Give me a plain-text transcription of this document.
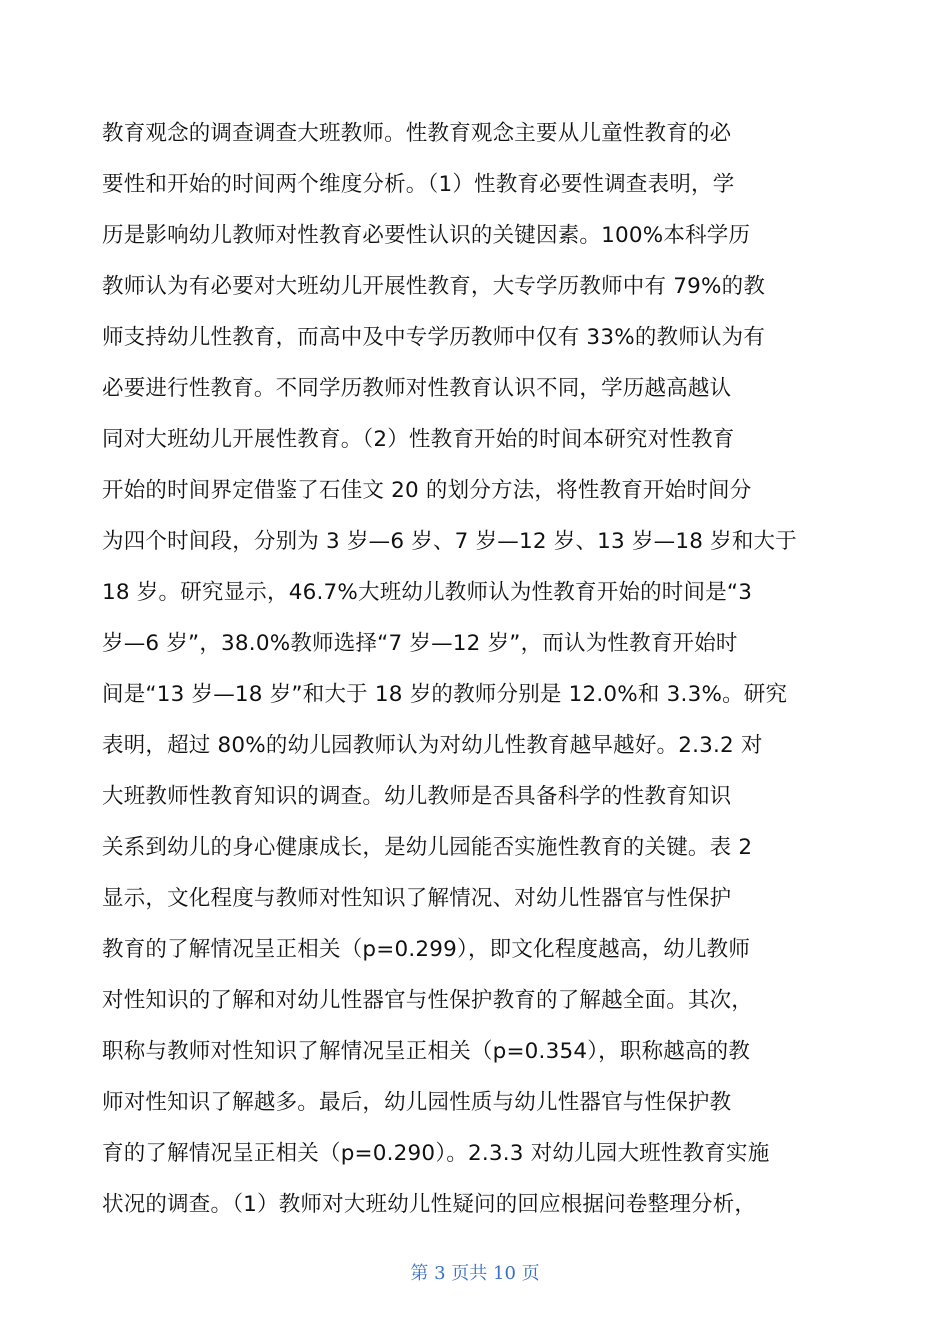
教育观念的调查调查大班教师。性教育观念主要从儿童性教育的必
要性和开始的时间两个维度分析。（1）性教育必要性调查表明，学
历是影响幼儿教师对性教育必要性认识的关键因素。100%本科学历
教师认为有必要对大班幼儿开展性教育，大专学历教师中有 79%的教
师支持幼儿性教育，而高中及中专学历教师中仅有 33%的教师认为有
必要进行性教育。不同学历教师对性教育认识不同，学历越高越认
同对大班幼儿开展性教育。（2）性教育开始的时间本研究对性教育
开始的时间界定借鉴了石佳文 20 的划分方法，将性教育开始时间分
为四个时间段，分别为 3 岁—6 岁、7 岁—12 岁、13 岁—18 岁和大于
18 岁。研究显示，46.7%大班幼儿教师认为性教育开始的时间是“3
岁—6 岁”，38.0%教师选择“7 岁—12 岁”，而认为性教育开始时
间是“13 岁—18 岁”和大于 18 岁的教师分别是 12.0%和 3.3%。研究
表明，超过 80%的幼儿园教师认为对幼儿性教育越早越好。2.3.2 对
大班教师性教育知识的调查。幼儿教师是否具备科学的性教育知识
关系到幼儿的身心健康成长，是幼儿园能否实施性教育的关键。表 2
显示，文化程度与教师对性知识了解情况、对幼儿性器官与性保护
教育的了解情况呈正相关（p=0.299），即文化程度越高，幼儿教师
对性知识的了解和对幼儿性器官与性保护教育的了解越全面。其次，
职称与教师对性知识了解情况呈正相关（p=0.354），职称越高的教
师对性知识了解越多。最后，幼儿园性质与幼儿性器官与性保护教
育的了解情况呈正相关（p=0.290）。2.3.3 对幼儿园大班性教育实施
状况的调查。（1）教师对大班幼儿性疑问的回应根据问卷整理分析，
第 3 页共 10 页
